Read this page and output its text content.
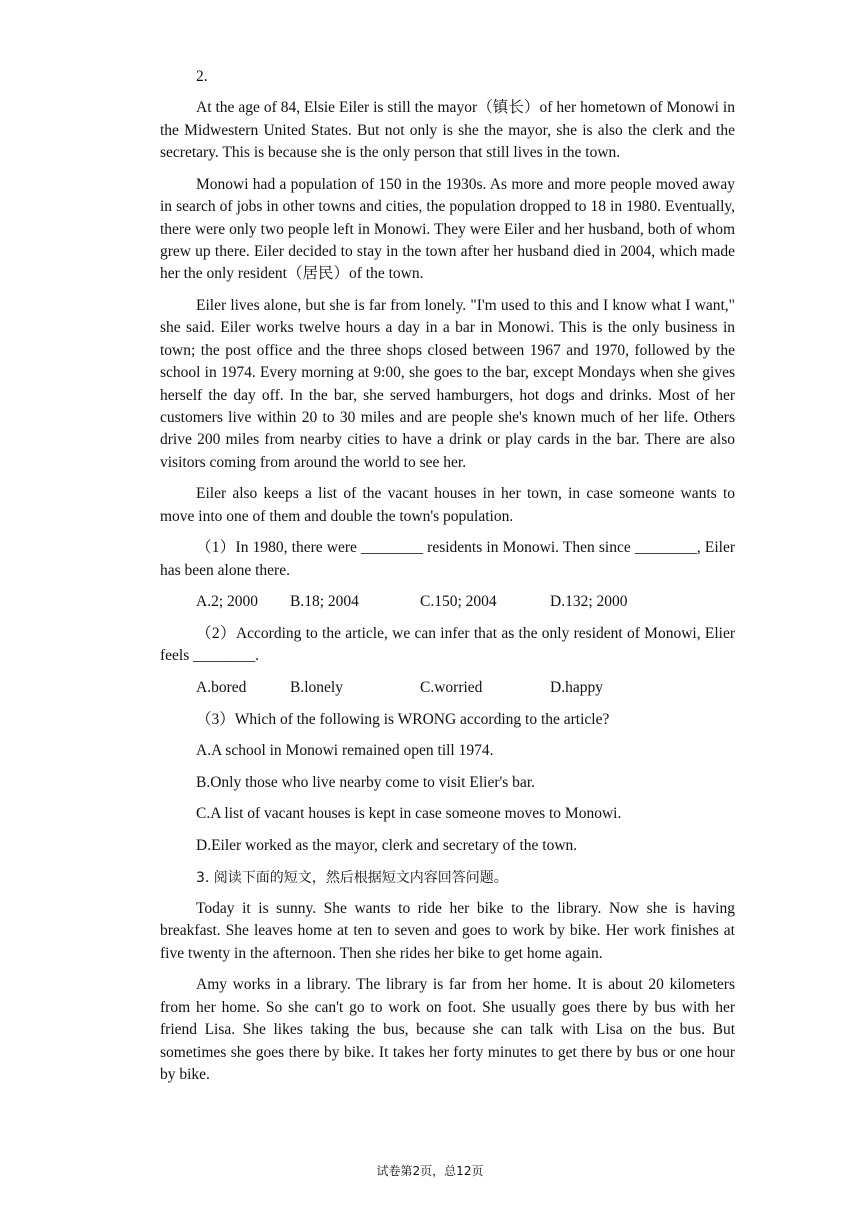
2.

At the age of 84, Elsie Eiler is still the mayor（镇长）of her hometown of Monowi in the Midwestern United States. But not only is she the mayor, she is also the clerk and the secretary. This is because she is the only person that still lives in the town.

Monowi had a population of 150 in the 1930s. As more and more people moved away in search of jobs in other towns and cities, the population dropped to 18 in 1980. Eventually, there were only two people left in Monowi. They were Eiler and her husband, both of whom grew up there. Eiler decided to stay in the town after her husband died in 2004, which made her the only resident（居民）of the town.

Eiler lives alone, but she is far from lonely. "I'm used to this and I know what I want," she said. Eiler works twelve hours a day in a bar in Monowi. This is the only business in town; the post office and the three shops closed between 1967 and 1970, followed by the school in 1974. Every morning at 9:00, she goes to the bar, except Mondays when she gives herself the day off. In the bar, she served hamburgers, hot dogs and drinks. Most of her customers live within 20 to 30 miles and are people she's known much of her life. Others drive 200 miles from nearby cities to have a drink or play cards in the bar. There are also visitors coming from around the world to see her.

Eiler also keeps a list of the vacant houses in her town, in case someone wants to move into one of them and double the town's population.

（1）In 1980, there were ________ residents in Monowi. Then since ________, Eiler has been alone there.

A.2; 2000	B.18; 2004	C.150; 2004	D.132; 2000

（2）According to the article, we can infer that as the only resident of Monowi, Elier feels ________.

A.bored	B.lonely	C.worried	D.happy

（3）Which of the following is WRONG according to the article?

A.A school in Monowi remained open till 1974.
B.Only those who live nearby come to visit Elier's bar.
C.A list of vacant houses is kept in case someone moves to Monowi.
D.Eiler worked as the mayor, clerk and secretary of the town.
3. 阅读下面的短文，然后根据短文内容回答问题。

Today it is sunny. She wants to ride her bike to the library. Now she is having breakfast. She leaves home at ten to seven and goes to work by bike. Her work finishes at five twenty in the afternoon. Then she rides her bike to get home again.

Amy works in a library. The library is far from her home. It is about 20 kilometers from her home. So she can't go to work on foot. She usually goes there by bus with her friend Lisa. She likes taking the bus, because she can talk with Lisa on the bus. But sometimes she goes there by bike. It takes her forty minutes to get there by bus or one hour by bike.

试卷第2页，总12页
